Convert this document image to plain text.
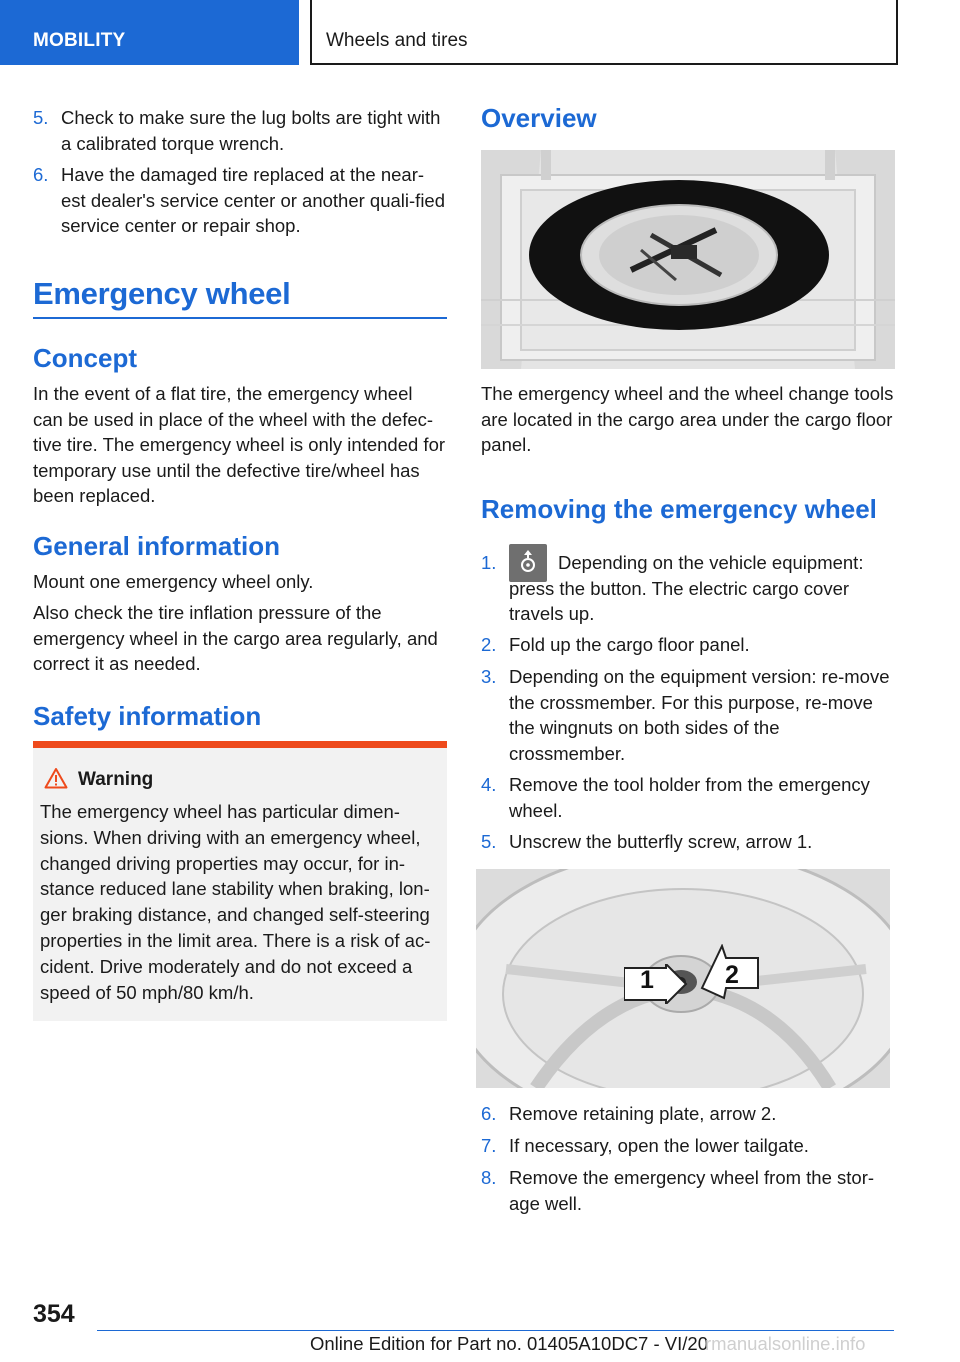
MOBILITY	Wheels and tires
5. Check to make sure the lug bolts are tight with a calibrated torque wrench.
6. Have the damaged tire replaced at the near‐est dealer's service center or another quali‐fied service center or repair shop.
Emergency wheel
Concept
In the event of a flat tire, the emergency wheel can be used in place of the wheel with the defec‐tive tire. The emergency wheel is only intended for temporary use until the defective tire/wheel has been replaced.
General information
Mount one emergency wheel only.
Also check the tire inflation pressure of the emergency wheel in the cargo area regularly, and correct it as needed.
Safety information
Warning
The emergency wheel has particular dimen‐sions. When driving with an emergency wheel, changed driving properties may occur, for in‐stance reduced lane stability when braking, lon‐ger braking distance, and changed self-steering properties in the limit area. There is a risk of ac‐cident. Drive moderately and do not exceed a speed of 50 mph/80 km/h.
Overview
The emergency wheel and the wheel change tools are located in the cargo area under the cargo floor panel.
Removing the emergency wheel
1.	Depending on the vehicle equipment: press the button. The electric cargo cover travels up.
2. Fold up the cargo floor panel.
3. Depending on the equipment version: re‐move the crossmember. For this purpose, re‐move the wingnuts on both sides of the crossmember.
4. Remove the tool holder from the emergency wheel.
5. Unscrew the butterfly screw, arrow 1.
1	2
6. Remove retaining plate, arrow 2.
7. If necessary, open the lower tailgate.
8. Remove the emergency wheel from the stor‐age well.
354
Online Edition for Part no. 01405A10DC7 - VI/20
rmanualsonline.info
